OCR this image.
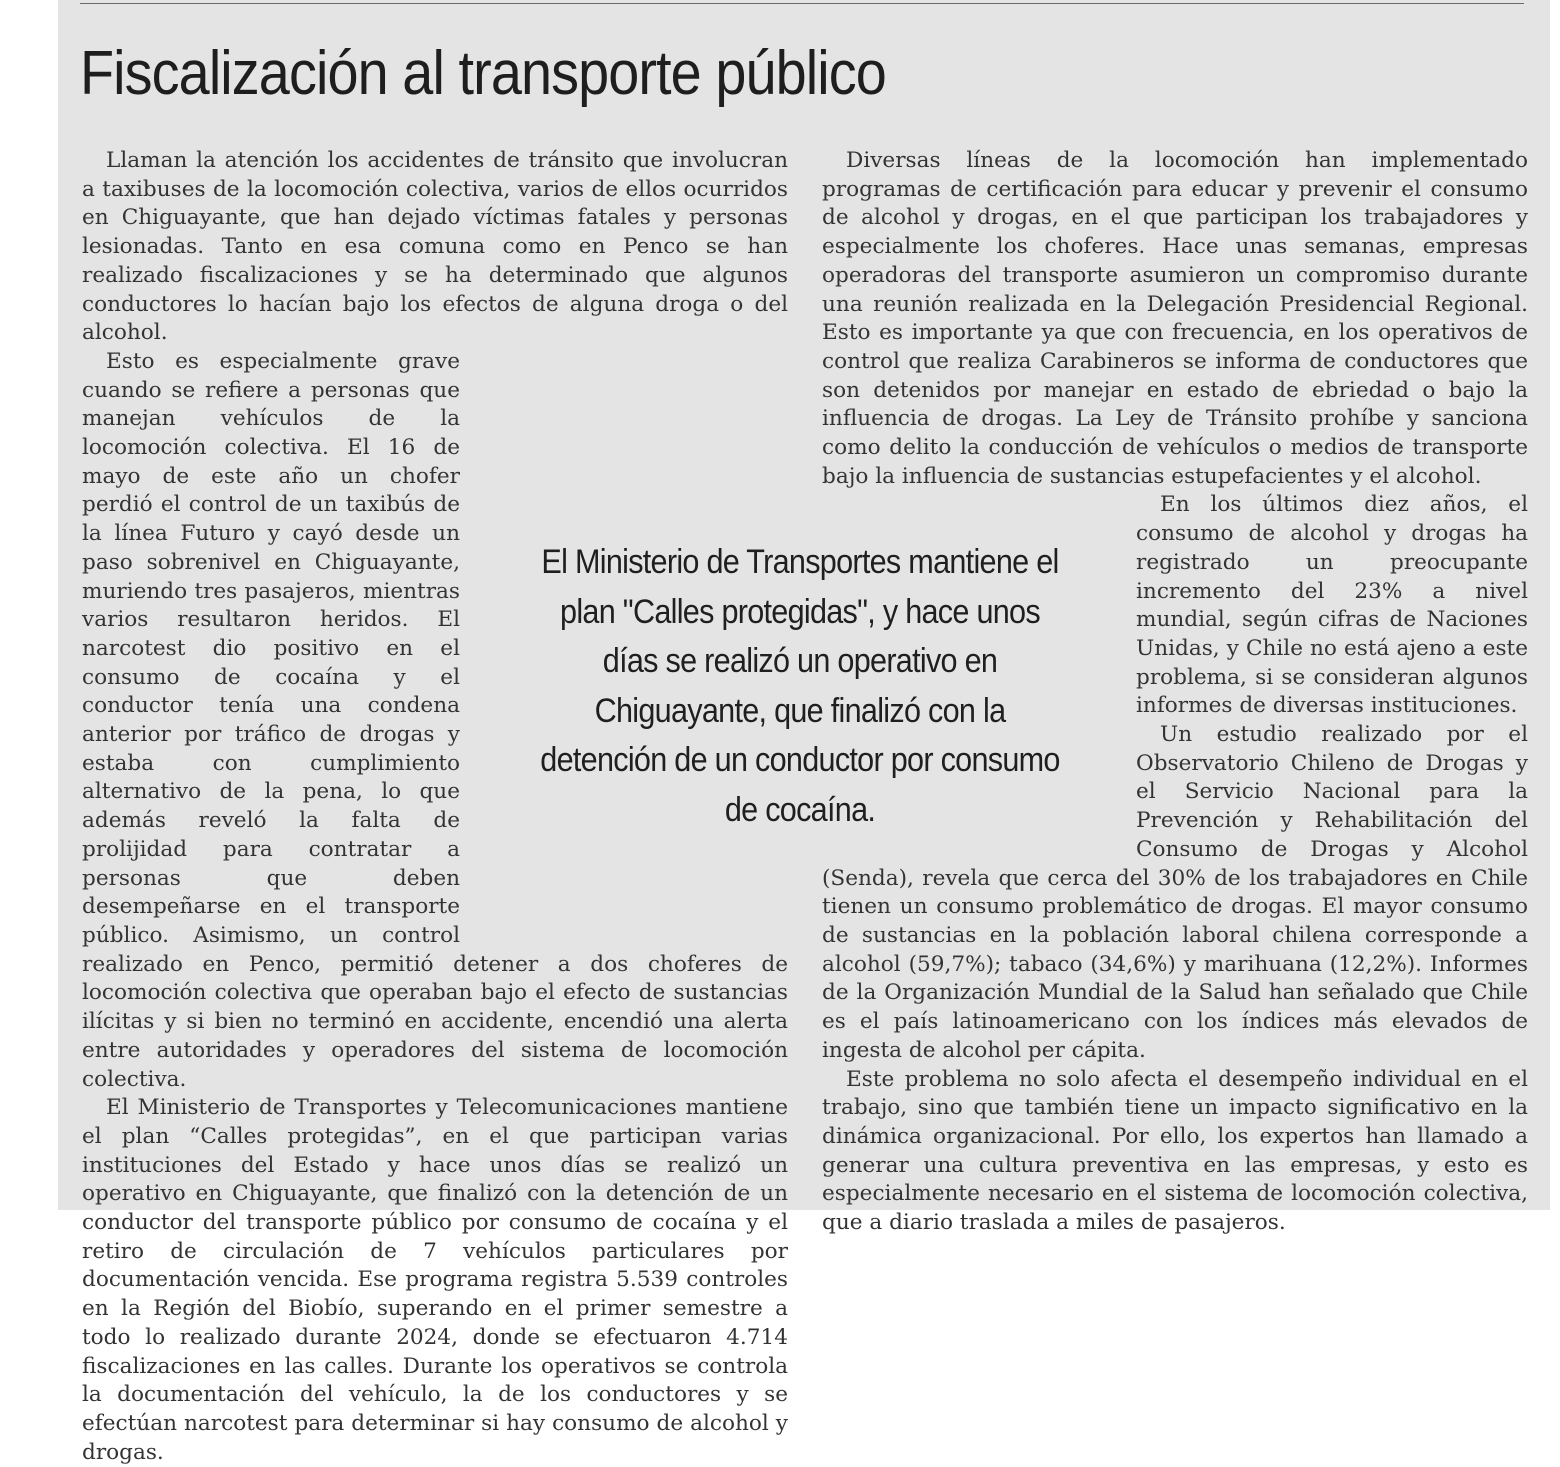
Fiscalización al transporte público

Llaman la atención los accidentes de tránsito que involucran a taxibuses de la locomoción colectiva, varios de ellos ocurridos en Chiguayante, que han dejado víctimas fatales y personas lesionadas. Tanto en esa comuna como en Penco se han realizado fiscalizaciones y se ha determinado que algunos conductores lo hacían bajo los efectos de alguna droga o del alcohol.

Esto es especialmente grave cuando se refiere a personas que manejan vehículos de la locomoción colectiva. El 16 de mayo de este año un chofer perdió el control de un taxibús de la línea Futuro y cayó desde un paso sobrenivel en Chiguayante, muriendo tres pasajeros, mientras varios resultaron heridos. El narcotest dio positivo en el consumo de cocaína y el conductor tenía una condena anterior por tráfico de drogas y estaba con cumplimiento alternativo de la pena, lo que además reveló la falta de prolijidad para contratar a personas que deben desempeñarse en el transporte público. Asimismo, un control realizado en Penco, permitió detener a dos choferes de locomoción colectiva que operaban bajo el efecto de sustancias ilícitas y si bien no terminó en accidente, encendió una alerta entre autoridades y operadores del sistema de locomoción colectiva.

El Ministerio de Transportes y Telecomunicaciones mantiene el plan “Calles protegidas”, en el que participan varias instituciones del Estado y hace unos días se realizó un operativo en Chiguayante, que finalizó con la detención de un conductor del transporte público por consumo de cocaína y el retiro de circulación de 7 vehículos particulares por documentación vencida. Ese programa registra 5.539 controles en la Región del Biobío, superando en el primer semestre a todo lo realizado durante 2024, donde se efectuaron 4.714 fiscalizaciones en las calles. Durante los operativos se controla la documentación del vehículo, la de los conductores y se efectúan narcotest para determinar si hay consumo de alcohol y drogas.

Diversas líneas de la locomoción han implementado programas de certificación para educar y prevenir el consumo de alcohol y drogas, en el que participan los trabajadores y especialmente los choferes. Hace unas semanas, empresas operadoras del transporte asumieron un compromiso durante una reunión realizada en la Delegación Presidencial Regional. Esto es importante ya que con frecuencia, en los operativos de control que realiza Carabineros se informa de conductores que son detenidos por manejar en estado de ebriedad o bajo la influencia de drogas. La Ley de Tránsito prohíbe y sanciona como delito la conducción de vehículos o medios de transporte bajo la influencia de sustancias estupefacientes y el alcohol.

En los últimos diez años, el consumo de alcohol y drogas ha registrado un preocupante incremento del 23% a nivel mundial, según cifras de Naciones Unidas, y Chile no está ajeno a este problema, si se consideran algunos informes de diversas instituciones.

Un estudio realizado por el Observatorio Chileno de Drogas y el Servicio Nacional para la Prevención y Rehabilitación del Consumo de Drogas y Alcohol (Senda), revela que cerca del 30% de los trabajadores en Chile tienen un consumo problemático de drogas. El mayor consumo de sustancias en la población laboral chilena corresponde a alcohol (59,7%); tabaco (34,6%) y marihuana (12,2%). Informes de la Organización Mundial de la Salud han señalado que Chile es el país latinoamericano con los índices más elevados de ingesta de alcohol per cápita.

Este problema no solo afecta el desempeño individual en el trabajo, sino que también tiene un impacto significativo en la dinámica organizacional. Por ello, los expertos han llamado a generar una cultura preventiva en las empresas, y esto es especialmente necesario en el sistema de locomoción colectiva, que a diario traslada a miles de pasajeros.

El Ministerio de Transportes mantiene el plan "Calles protegidas", y hace unos días se realizó un operativo en Chiguayante, que finalizó con la detención de un conductor por consumo de cocaína.
